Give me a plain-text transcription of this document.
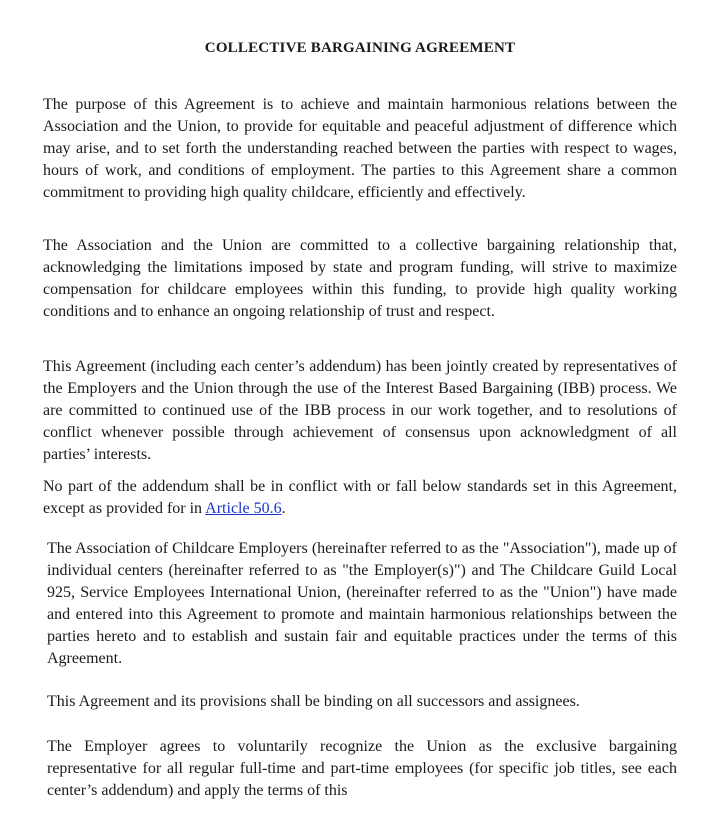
COLLECTIVE BARGAINING AGREEMENT

The purpose of this Agreement is to achieve and maintain harmonious relations between the Association and the Union, to provide for equitable and peaceful adjustment of difference which may arise, and to set forth the understanding reached between the parties with respect to wages, hours of work, and conditions of employment. The parties to this Agreement share a common commitment to providing high quality childcare, efficiently and effectively.

The Association and the Union are committed to a collective bargaining relationship that, acknowledging the limitations imposed by state and program funding, will strive to maximize compensation for childcare employees within this funding, to provide high quality working conditions and to enhance an ongoing relationship of trust and respect.

This Agreement (including each center’s addendum) has been jointly created by representatives of the Employers and the Union through the use of the Interest Based Bargaining (IBB) process. We are committed to continued use of the IBB process in our work together, and to resolutions of conflict whenever possible through achievement of consensus upon acknowledgment of all parties’ interests.

No part of the addendum shall be in conflict with or fall below standards set in this Agreement, except as provided for in Article 50.6.

The Association of Childcare Employers (hereinafter referred to as the "Association"), made up of individual centers (hereinafter referred to as "the Employer(s)") and The Childcare Guild Local 925, Service Employees International Union, (hereinafter referred to as the "Union") have made and entered into this Agreement to promote and maintain harmonious relationships between the parties hereto and to establish and sustain fair and equitable practices under the terms of this Agreement.

This Agreement and its provisions shall be binding on all successors and assignees.

The Employer agrees to voluntarily recognize the Union as the exclusive bargaining representative for all regular full-time and part-time employees (for specific job titles, see each center’s addendum) and apply the terms of this
